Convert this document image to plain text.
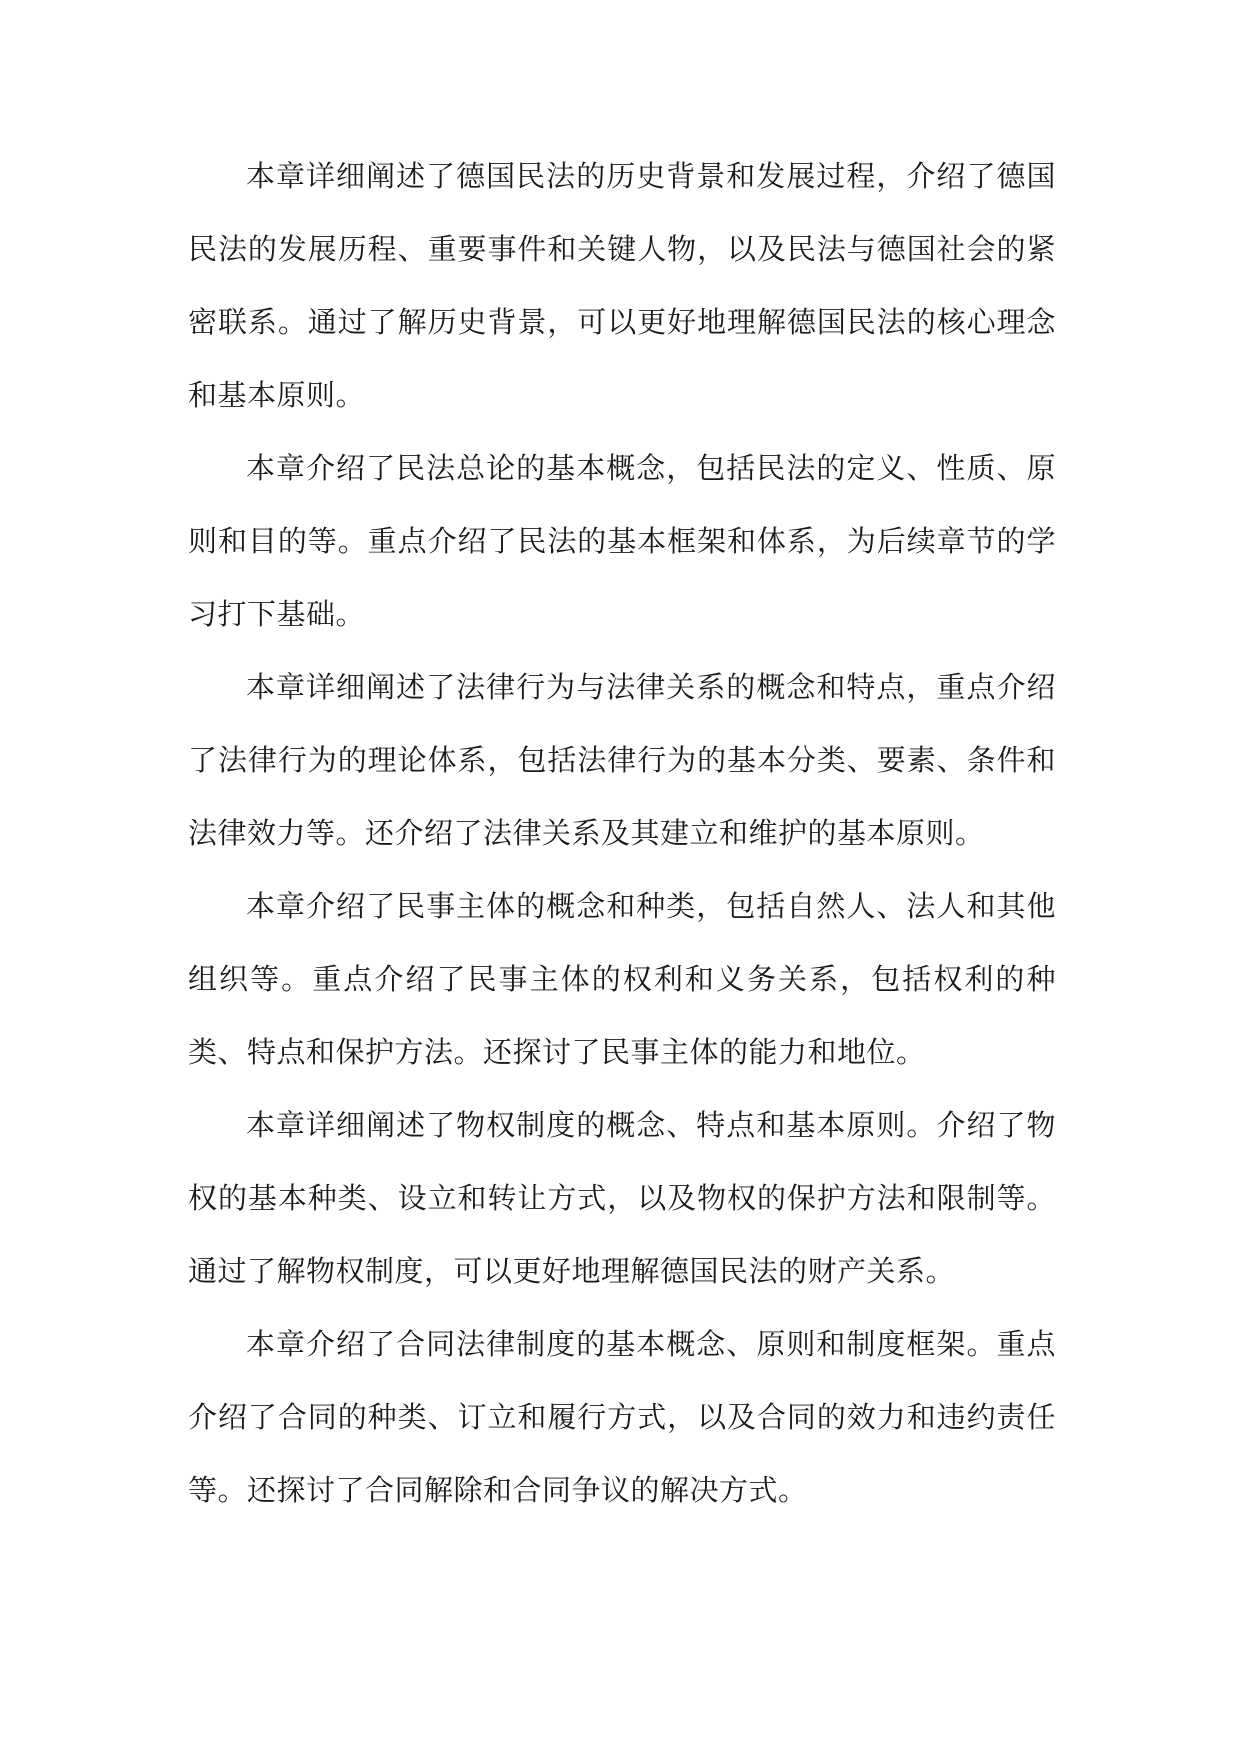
本章详细阐述了德国民法的历史背景和发展过程，介绍了德国民法的发展历程、重要事件和关键人物，以及民法与德国社会的紧密联系。通过了解历史背景，可以更好地理解德国民法的核心理念和基本原则。

本章介绍了民法总论的基本概念，包括民法的定义、性质、原则和目的等。重点介绍了民法的基本框架和体系，为后续章节的学习打下基础。

本章详细阐述了法律行为与法律关系的概念和特点，重点介绍了法律行为的理论体系，包括法律行为的基本分类、要素、条件和法律效力等。还介绍了法律关系及其建立和维护的基本原则。

本章介绍了民事主体的概念和种类，包括自然人、法人和其他组织等。重点介绍了民事主体的权利和义务关系，包括权利的种类、特点和保护方法。还探讨了民事主体的能力和地位。

本章详细阐述了物权制度的概念、特点和基本原则。介绍了物权的基本种类、设立和转让方式，以及物权的保护方法和限制等。通过了解物权制度，可以更好地理解德国民法的财产关系。

本章介绍了合同法律制度的基本概念、原则和制度框架。重点介绍了合同的种类、订立和履行方式，以及合同的效力和违约责任等。还探讨了合同解除和合同争议的解决方式。
